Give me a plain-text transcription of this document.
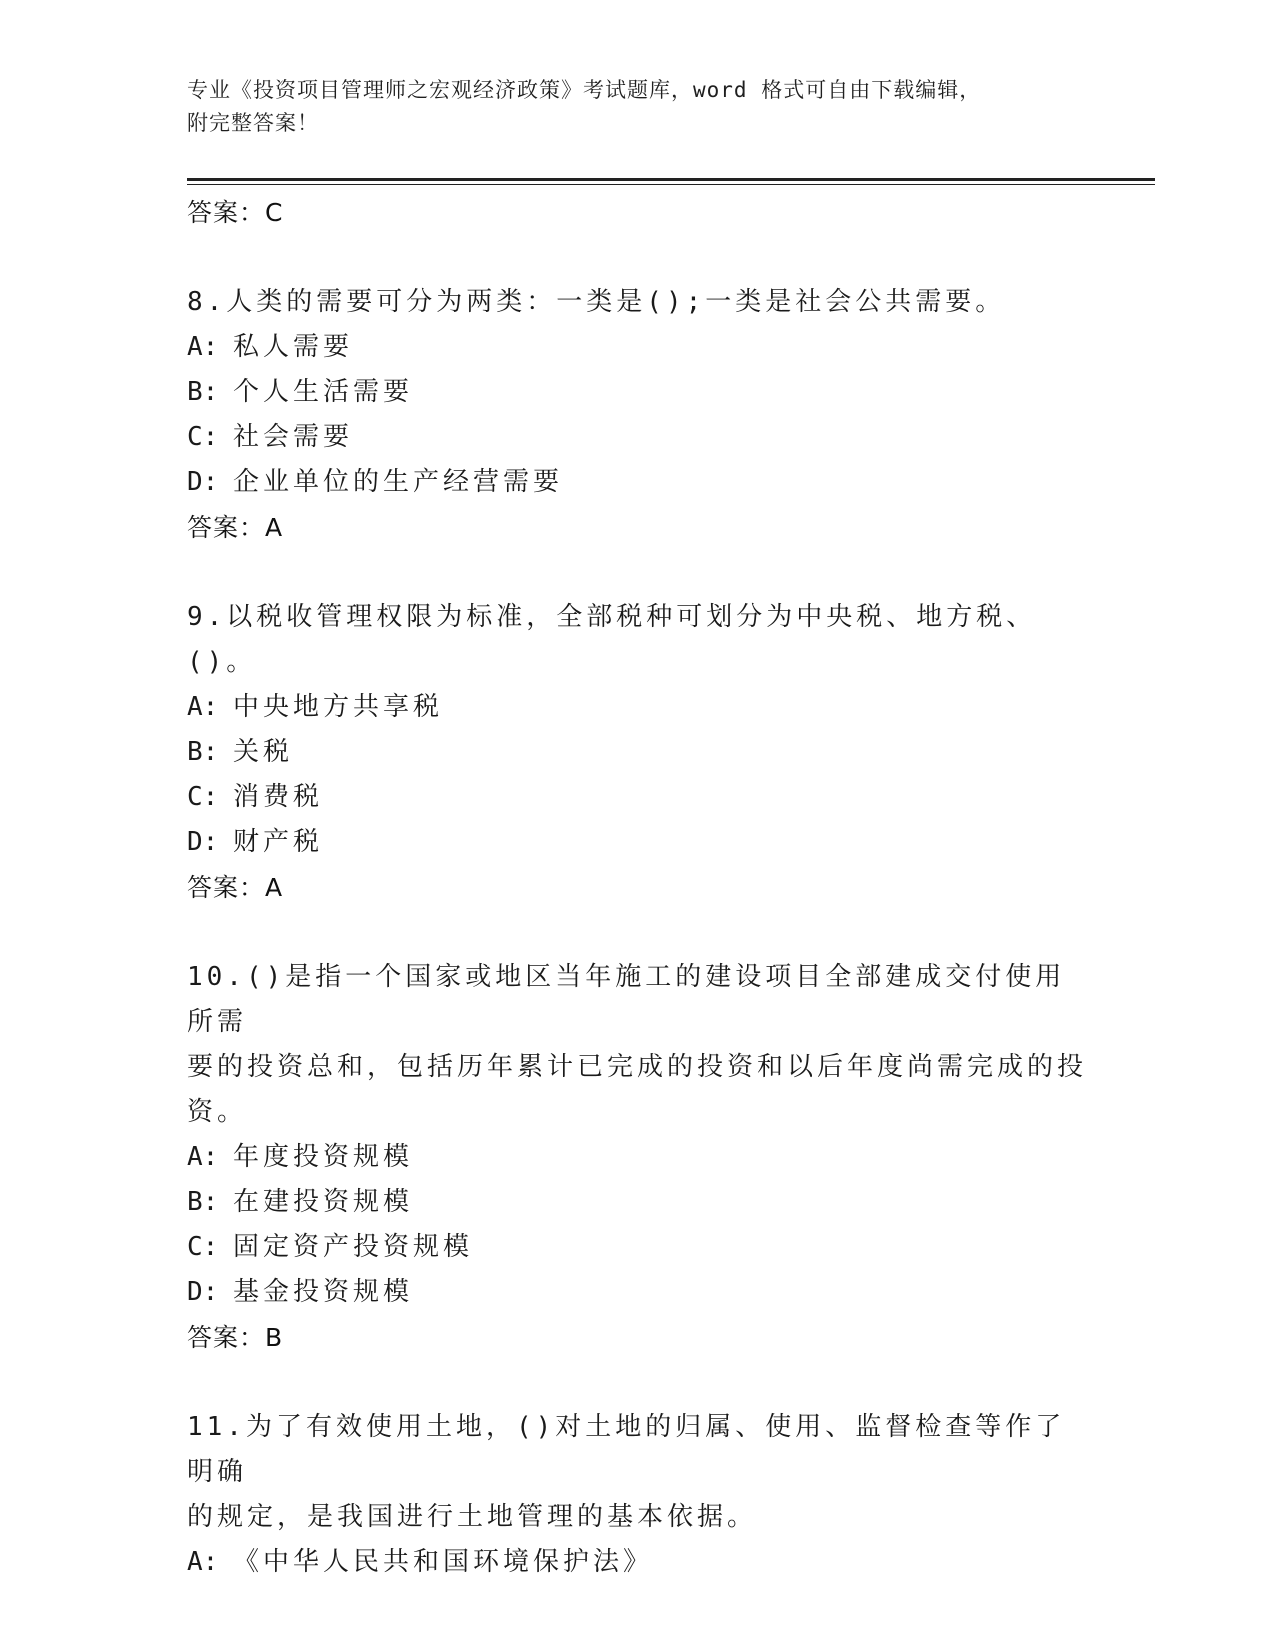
专业《投资项目管理师之宏观经济政策》考试题库，word 格式可自由下载编辑，
附完整答案！
答案：C
8.人类的需要可分为两类：一类是();一类是社会公共需要。
A: 私人需要
B: 个人生活需要
C: 社会需要
D: 企业单位的生产经营需要
答案：A
9.以税收管理权限为标准，全部税种可划分为中央税、地方税、()。
A: 中央地方共享税
B: 关税
C: 消费税
D: 财产税
答案：A
10.()是指一个国家或地区当年施工的建设项目全部建成交付使用所需
要的投资总和，包括历年累计已完成的投资和以后年度尚需完成的投
资。
A: 年度投资规模
B: 在建投资规模
C: 固定资产投资规模
D: 基金投资规模
答案：B
11.为了有效使用土地，()对土地的归属、使用、监督检查等作了明确
的规定，是我国进行土地管理的基本依据。
A: 《中华人民共和国环境保护法》
